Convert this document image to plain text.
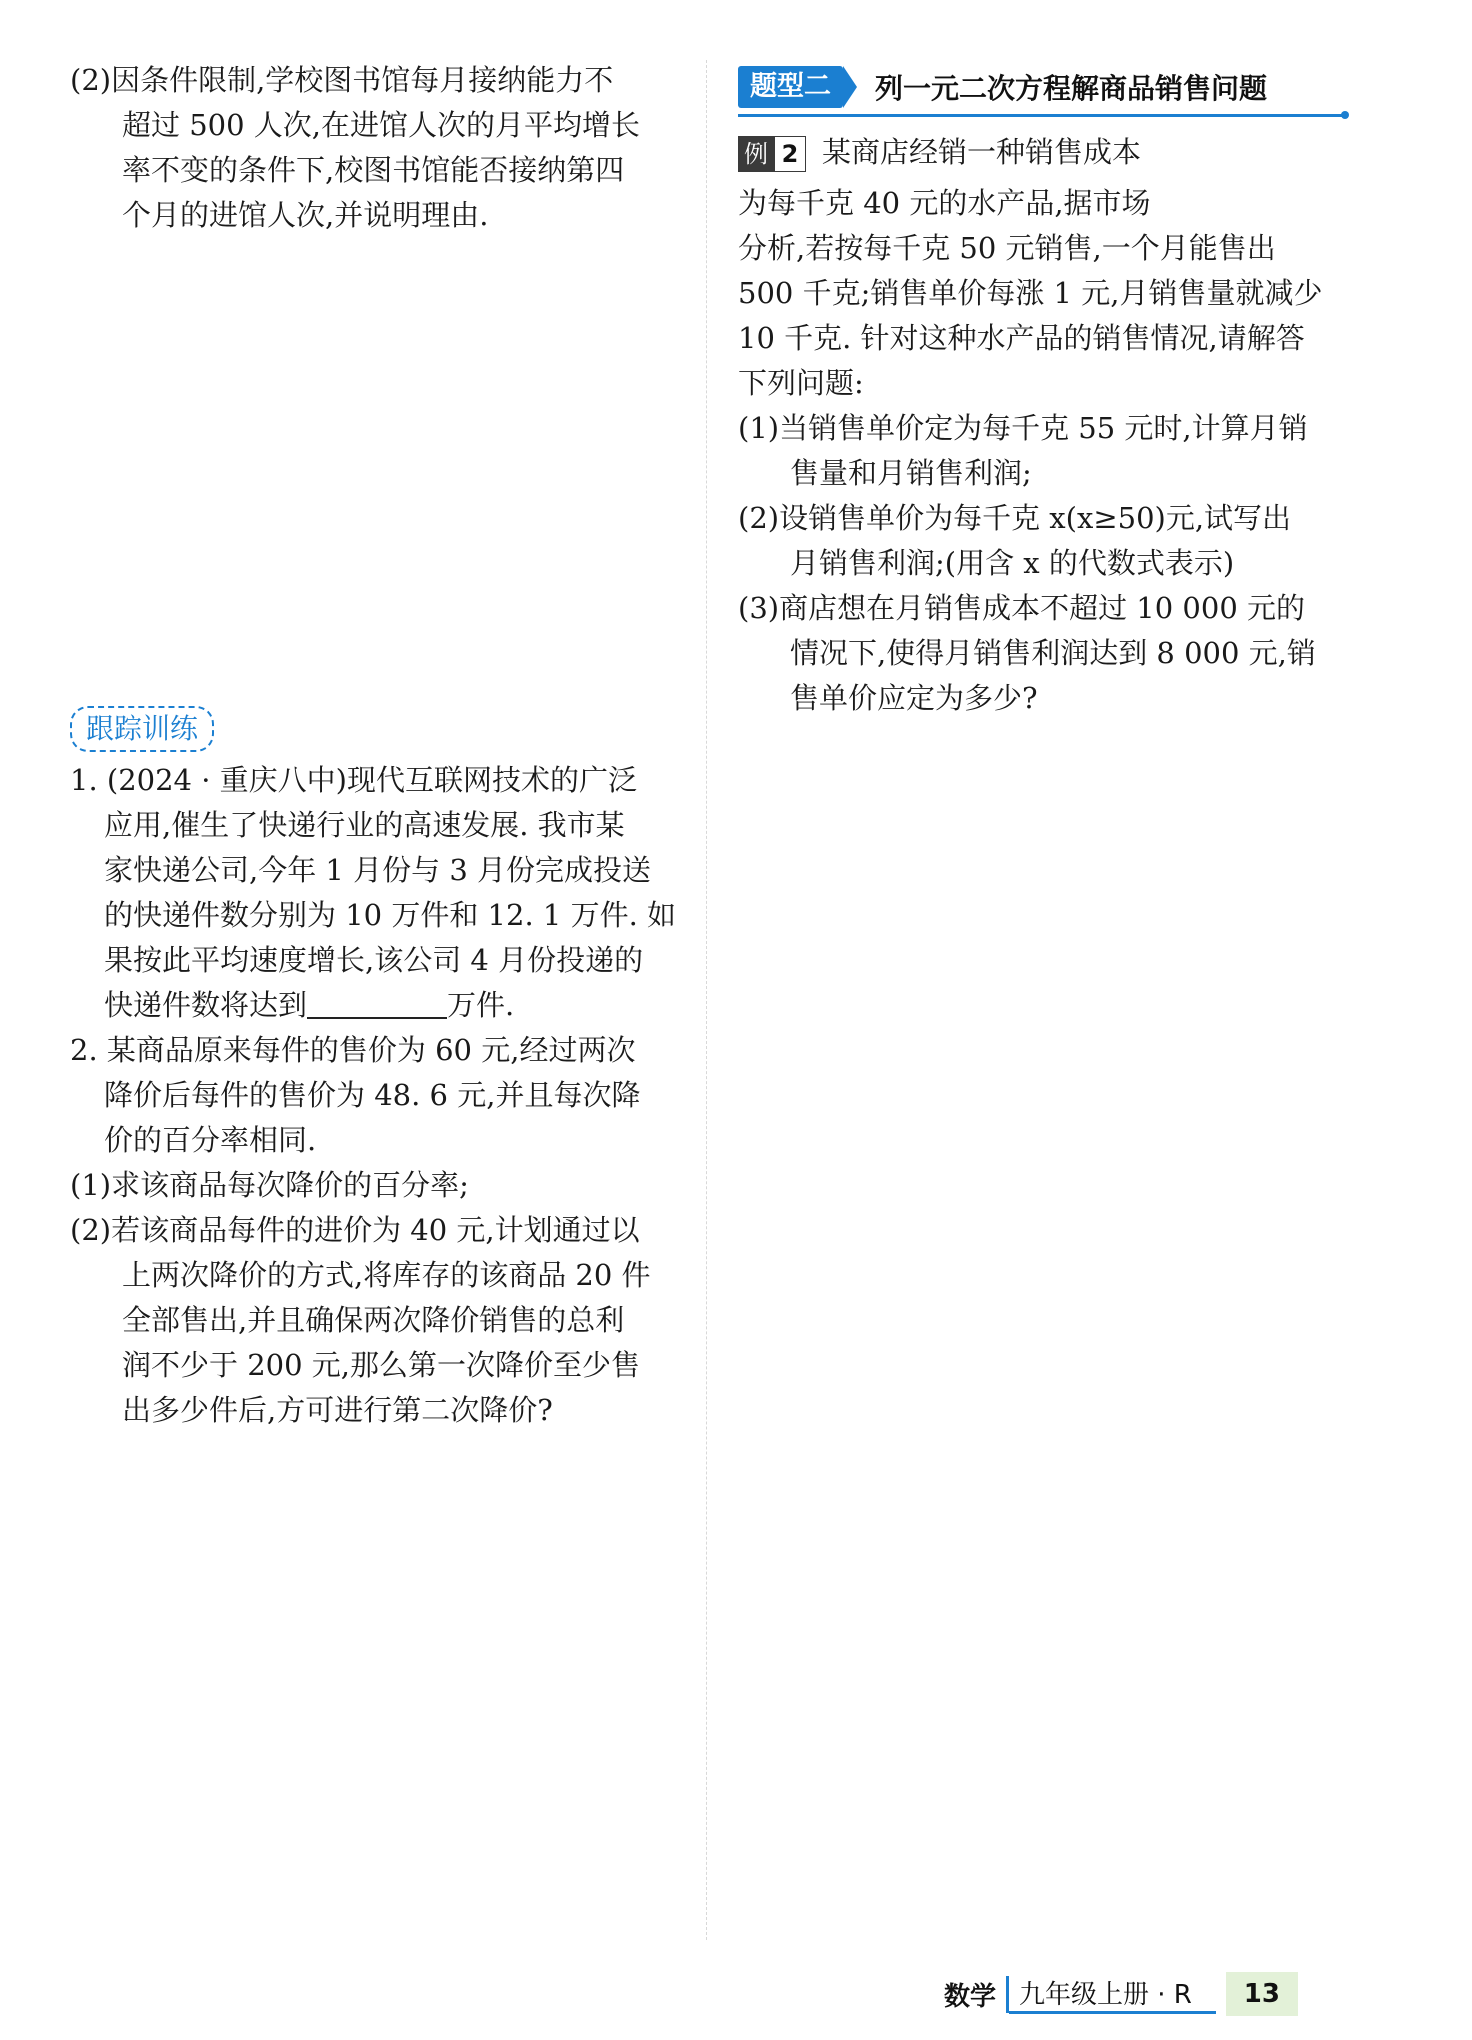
(2)因条件限制,学校图书馆每月接纳能力不
超过 500 人次,在进馆人次的月平均增长
率不变的条件下,校图书馆能否接纳第四
个月的进馆人次,并说明理由.

跟踪训练

1. (2024 · 重庆八中)现代互联网技术的广泛
应用,催生了快递行业的高速发展. 我市某
家快递公司,今年 1 月份与 3 月份完成投送
的快递件数分别为 10 万件和 12. 1 万件. 如
果按此平均速度增长,该公司 4 月份投递的
快递件数将达到	万件.

2. 某商品原来每件的售价为 60 元,经过两次
降价后每件的售价为 48. 6 元,并且每次降
价的百分率相同.
(1)求该商品每次降价的百分率;
(2)若该商品每件的进价为 40 元,计划通过以
上两次降价的方式,将库存的该商品 20 件
全部售出,并且确保两次降价销售的总利
润不少于 200 元,那么第一次降价至少售
出多少件后,方可进行第二次降价?

题型二	列一元二次方程解商品销售问题

例 2 某商店经销一种销售成本
为每千克 40 元的水产品,据市场
分析,若按每千克 50 元销售,一个月能售出
500 千克;销售单价每涨 1 元,月销售量就减少
10 千克. 针对这种水产品的销售情况,请解答
下列问题:
(1)当销售单价定为每千克 55 元时,计算月销
售量和月销售利润;
(2)设销售单价为每千克 x(x≥50)元,试写出
月销售利润;(用含 x 的代数式表示)
(3)商店想在月销售成本不超过 10 000 元的
情况下,使得月销售利润达到 8 000 元,销
售单价应定为多少?

数学 九年级上册 · R	13
